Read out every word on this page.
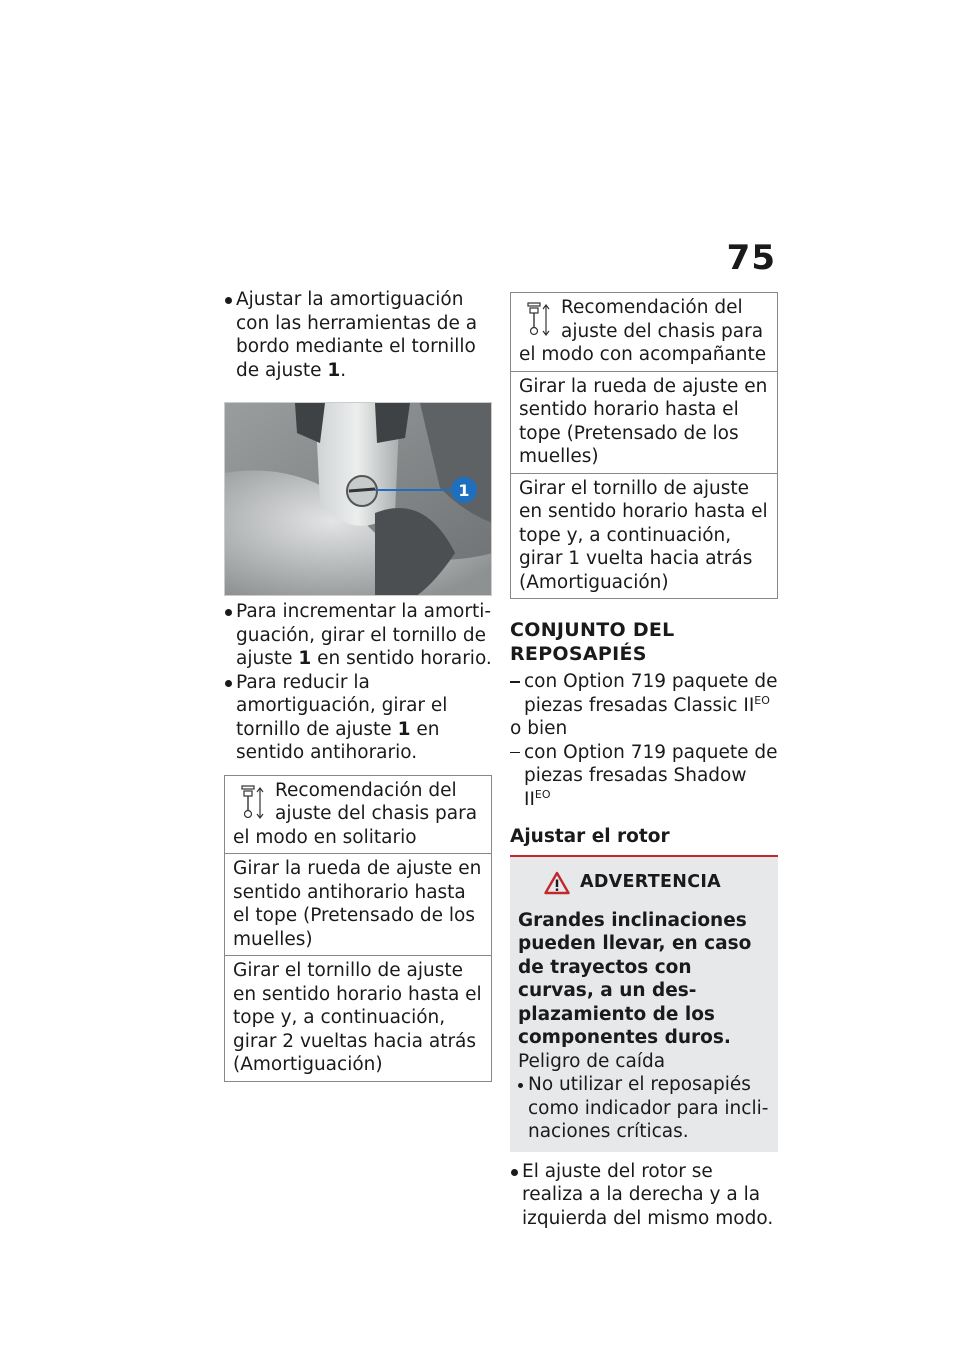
75
Ajustar la amortiguación con las herramientas de a bordo mediante el tornillo de ajuste 1.
1
Para incrementar la amortiguación, girar el tornillo de ajuste 1 en sentido horario.
Para reducir la amortiguación, girar el tornillo de ajuste 1 en sentido antihorario.
Recomendación del ajuste del chasis para
el modo en solitario
Girar la rueda de ajuste en sentido antihorario hasta el tope (Pretensado de los muelles)
Girar el tornillo de ajuste en sentido horario hasta el tope y, a continuación, girar 2 vueltas hacia atrás (Amortiguación)
Recomendación del ajuste del chasis para
el modo con acompañante
Girar la rueda de ajuste en sentido horario hasta el tope (Pretensado de los muelles)
Girar el tornillo de ajuste en sentido horario hasta el tope y, a continuación, girar 1 vuelta hacia atrás (Amortiguación)
CONJUNTO DEL REPOSAPIÉS
con Option 719 paquete de piezas fresadas Classic $II^{EO}$
o bien
con Option 719 paquete de piezas fresadas Shadow $II^{EO}$
Ajustar el rotor
ADVERTENCIA
Grandes inclinaciones pueden llevar, en caso de trayectos con curvas, a un desplazamiento de los componentes duros.
Peligro de caída
No utilizar el reposapiés como indicador para inclinaciones críticas.
El ajuste del rotor se realiza a la derecha y a la izquierda del mismo modo.
